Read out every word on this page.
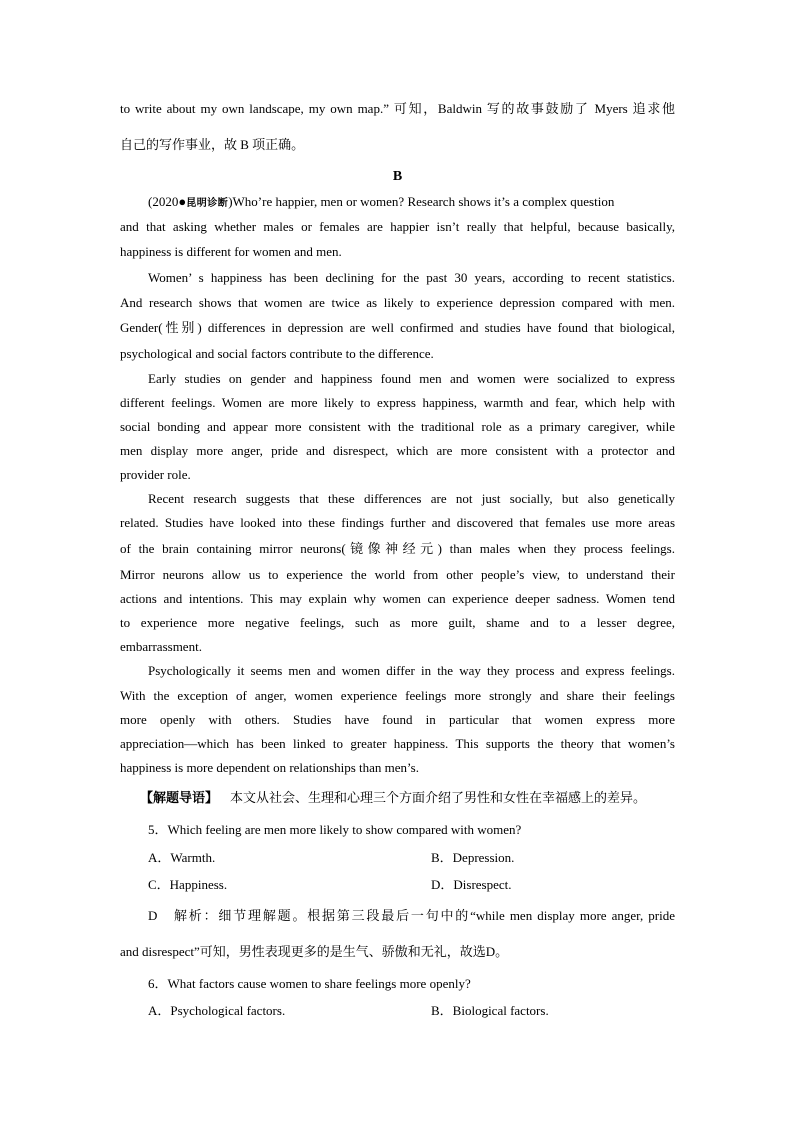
to write about my own landscape, my own map.” 可知，Baldwin 写的故事鼓励了 Myers 追求他
自己的写作事业，故 B 项正确。
B
(2020●昆明诊断)Who’re happier, men or women? Research shows it’s a complex question
and that asking whether males or females are happier isn’t really that helpful, because basically,
happiness is different for women and men.
Women’ s happiness has been declining for the past 30 years, according to recent statistics.
And research shows that women are twice as likely to experience depression compared with men.
Gender(性别) differences in depression are well confirmed and studies have found that biological,
psychological and social factors contribute to the difference.
Early studies on gender and happiness found men and women were socialized to express
different feelings. Women are more likely to express happiness, warmth and fear, which help with
social bonding and appear more consistent with the traditional role as a primary caregiver, while
men display more anger, pride and disrespect, which are more consistent with a protector and
provider role.
Recent research suggests that these differences are not just socially, but also genetically
related. Studies have looked into these findings further and discovered that females use more areas
of the brain containing mirror neurons(镜像神经元) than males when they process feelings.
Mirror neurons allow us to experience the world from other people’s view, to understand their
actions and intentions. This may explain why women can experience deeper sadness. Women tend
to experience more negative feelings, such as more guilt, shame and to a lesser degree,
embarrassment.
Psychologically it seems men and women differ in the way they process and express feelings.
With the exception of anger, women experience feelings more strongly and share their feelings
more openly with others. Studies have found in particular that women express more
appreciation—which has been linked to greater happiness. This supports the theory that women’s
happiness is more dependent on relationships than men’s.
【解题导语】 本文从社会、生理和心理三个方面介绍了男性和女性在幸福感上的差异。
5．Which feeling are men more likely to show compared with women?
A．Warmth.	B．Depression.
C．Happiness.	D．Disrespect.
D　解析：细节理解题。根据第三段最后一句中的“while men display more anger, pride
and disrespect”可知，男性表现更多的是生气、骄傲和无礼，故选D。
6．What factors cause women to share feelings more openly?
A．Psychological factors.	B．Biological factors.
